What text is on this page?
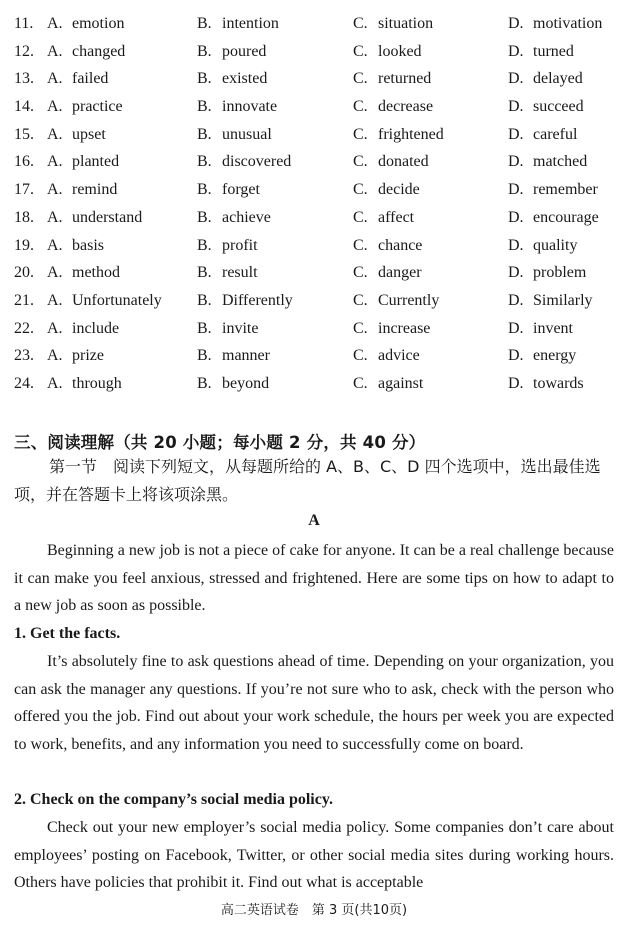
11. A. emotion	B. intention	C. situation	D. motivation
12. A. changed	B. poured	C. looked	D. turned
13. A. failed	B. existed	C. returned	D. delayed
14. A. practice	B. innovate	C. decrease	D. succeed
15. A. upset	B. unusual	C. frightened	D. careful
16. A. planted	B. discovered	C. donated	D. matched
17. A. remind	B. forget	C. decide	D. remember
18. A. understand	B. achieve	C. affect	D. encourage
19. A. basis	B. profit	C. chance	D. quality
20. A. method	B. result	C. danger	D. problem
21. A. Unfortunately B. Differently	C. Currently	D. Similarly
22. A. include	B. invite	C. increase	D. invent
23. A. prize	B. manner	C. advice	D. energy
24. A. through	B. beyond	C. against	D. towards
三、阅读理解（共 20 小题；每小题 2 分，共 40 分）
第一节　阅读下列短文，从每题所给的 A、B、C、D 四个选项中，选出最佳选项，并在答题卡上将该项涂黑。
A
Beginning a new job is not a piece of cake for anyone. It can be a real challenge because it can make you feel anxious, stressed and frightened. Here are some tips on how to adapt to a new job as soon as possible.
1. Get the facts.
It’s absolutely fine to ask questions ahead of time. Depending on your organization, you can ask the manager any questions. If you’re not sure who to ask, check with the person who offered you the job. Find out about your work schedule, the hours per week you are expected to work, benefits, and any information you need to successfully come on board.
2. Check on the company’s social media policy.
Check out your new employer’s social media policy. Some companies don’t care about employees’ posting on Facebook, Twitter, or other social media sites during working hours. Others have policies that prohibit it. Find out what is acceptable
高二英语试卷　第 3 页(共10页)
